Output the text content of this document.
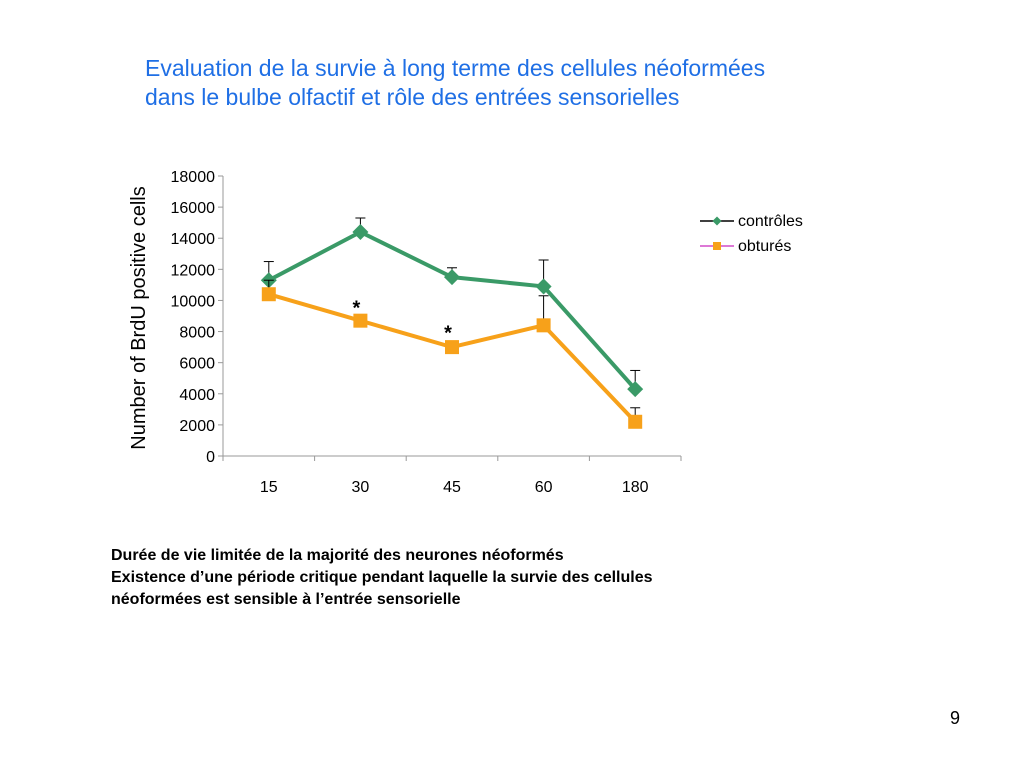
Evaluation de la survie à long terme des cellules néoformées
dans le bulbe olfactif et rôle des entrées sensorielles
0
2000
4000
6000
8000
10000
12000
14000
16000
18000
15	30	45	60	180
*
*
contrôles
obturés
Number of BrdU positive cells
Durée de vie limitée de la majorité des neurones néoformés
Existence d’une période critique pendant laquelle la survie des cellules
néoformées est sensible à l’entrée sensorielle
9
